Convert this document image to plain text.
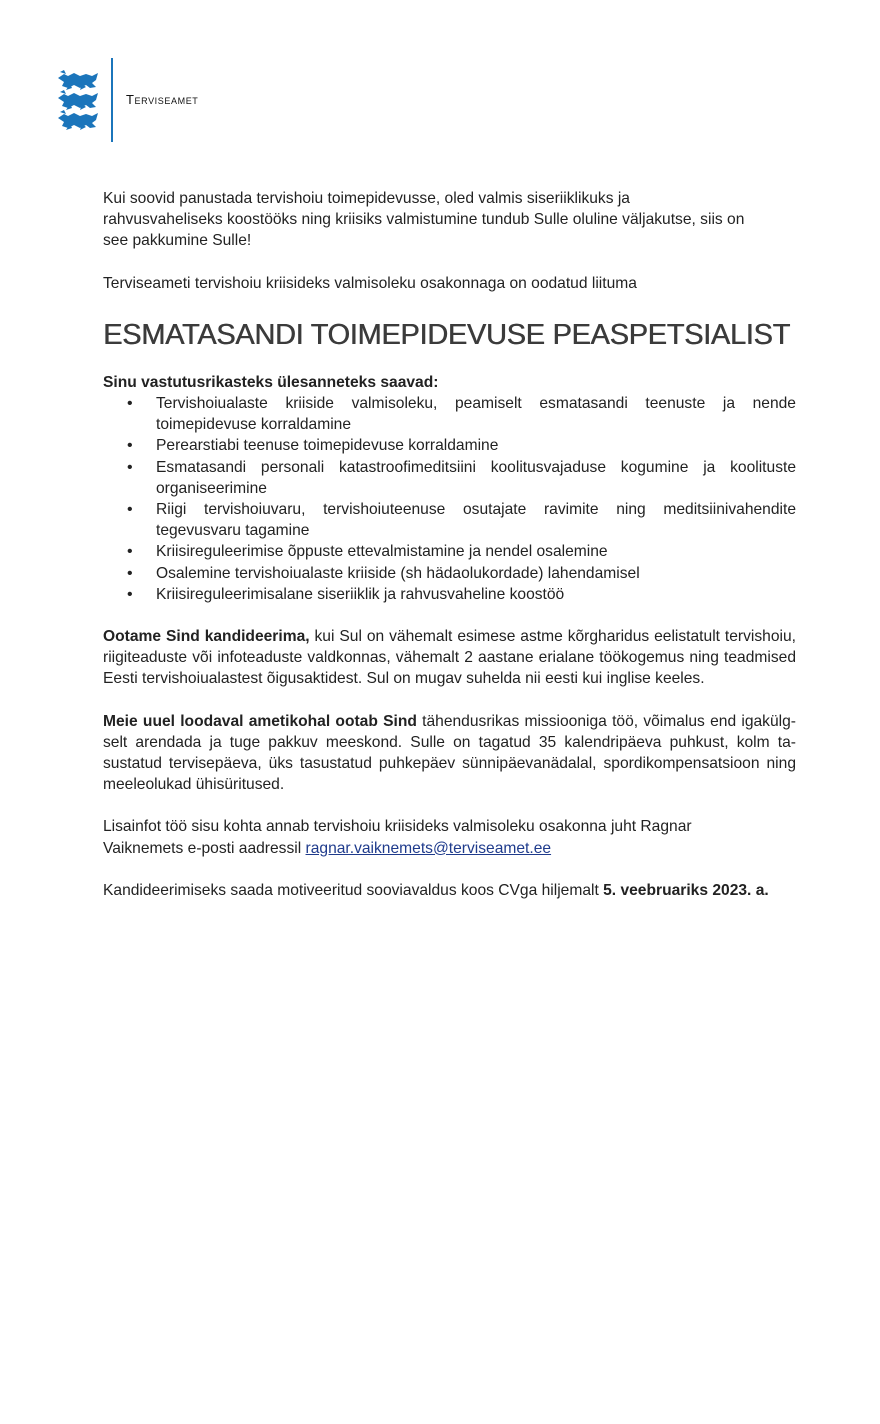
Terviseamet

Kui soovid panustada tervishoiu toimepidevusse, oled valmis siseriiklikuks ja
rahvusvaheliseks koostööks ning kriisiks valmistumine tundub Sulle oluline väljakutse, siis on
see pakkumine Sulle!

Terviseameti tervishoiu kriisideks valmisoleku osakonnaga on oodatud liituma

ESMATASANDI TOIMEPIDEVUSE PEASPETSIALIST

Sinu vastutusrikasteks ülesanneteks saavad:

• Tervishoiualaste kriiside valmisoleku, peamiselt esmatasandi teenuste ja nende toimepidevuse korraldamine
• Perearstiabi teenuse toimepidevuse korraldamine
• Esmatasandi personali katastroofimeditsiini koolitusvajaduse kogumine ja koolituste organiseerimine
• Riigi tervishoiuvaru, tervishoiuteenuse osutajate ravimite ning meditsiinivahendite tegevusvaru tagamine
• Kriisireguleerimise õppuste ettevalmistamine ja nendel osalemine
• Osalemine tervishoiualaste kriiside (sh hädaolukordade) lahendamisel
• Kriisireguleerimisalane siseriiklik ja rahvusvaheline koostöö

Ootame Sind kandideerima, kui Sul on vähemalt esimese astme kõrgharidus eelistatult tervishoiu, riigiteaduste või infoteaduste valdkonnas, vähemalt 2 aastane erialane töökogemus ning teadmised Eesti tervishoiualastest õigusaktidest. Sul on mugav suhelda nii eesti kui inglise keeles.

Meie uuel loodaval ametikohal ootab Sind tähendusrikas missiooniga töö, võimalus end igakülgselt arendada ja tuge pakkuv meeskond. Sulle on tagatud 35 kalendripäeva puhkust, kolm tasustatud tervisepäeva, üks tasustatud puhkepäev sünnipäevanädalal, spordikompensatsioon ning meeleolukad ühisüritused.

Lisainfot töö sisu kohta annab tervishoiu kriisideks valmisoleku osakonna juht Ragnar
Vaiknemets e-posti aadressil ragnar.vaiknemets@terviseamet.ee

Kandideerimiseks saada motiveeritud sooviavaldus koos CVga hiljemalt 5. veebruariks 2023. a.
